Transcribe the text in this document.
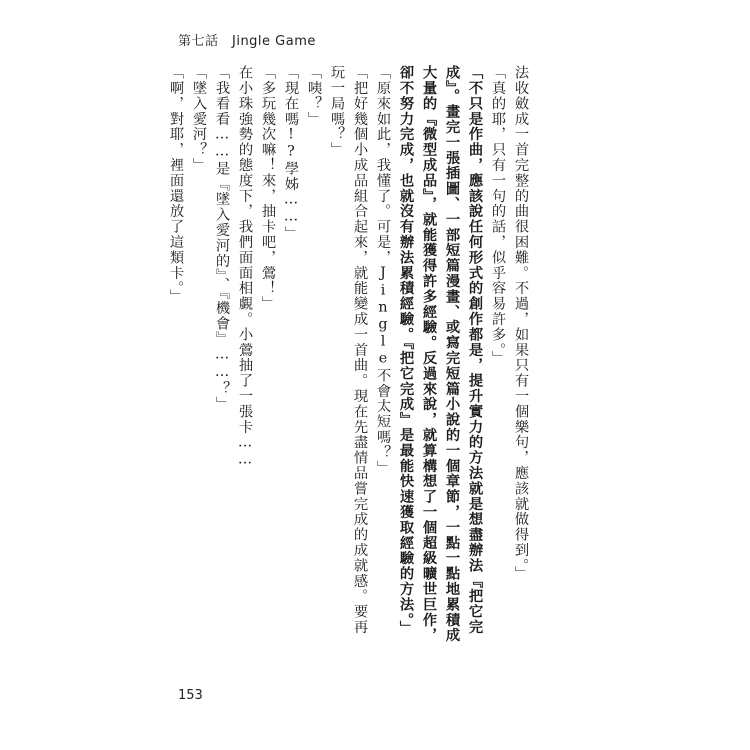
第七話　Jingle Game

法收斂成一首完整的曲很困難。不過，如果只有一個樂句，應該就做得到。」

「真的耶，只有一句的話，似乎容易許多。」

「不只是作曲，應該說任何形式的創作都是，提升實力的方法就是想盡辦法『把它完成』。畫完一張插圖、一部短篇漫畫、或寫完短篇小說的一個章節，一點一點地累積成大量的『微型成品』，就能獲得許多經驗。反過來說，就算構想了一個超級曠世巨作，卻不努力完成，也就沒有辦法累積經驗。『把它完成』是最能快速獲取經驗的方法。」

「原來如此，我懂了。可是，Jingle不會太短嗎？」

「把好幾個小成品組合起來，就能變成一首曲。現在先盡情品嘗完成的成就感。要再玩一局嗎？」

「咦？」

「現在嗎!?學姊……」

「多玩幾次嘛！來，抽卡吧，鶯！」

在小珠強勢的態度下，我們面面相覷。小鶯抽了一張卡……

「我看看……是『墜入愛河的』、『機會』……？」

「墜入愛河？」

「啊，對耶，裡面還放了這類卡。」

153
